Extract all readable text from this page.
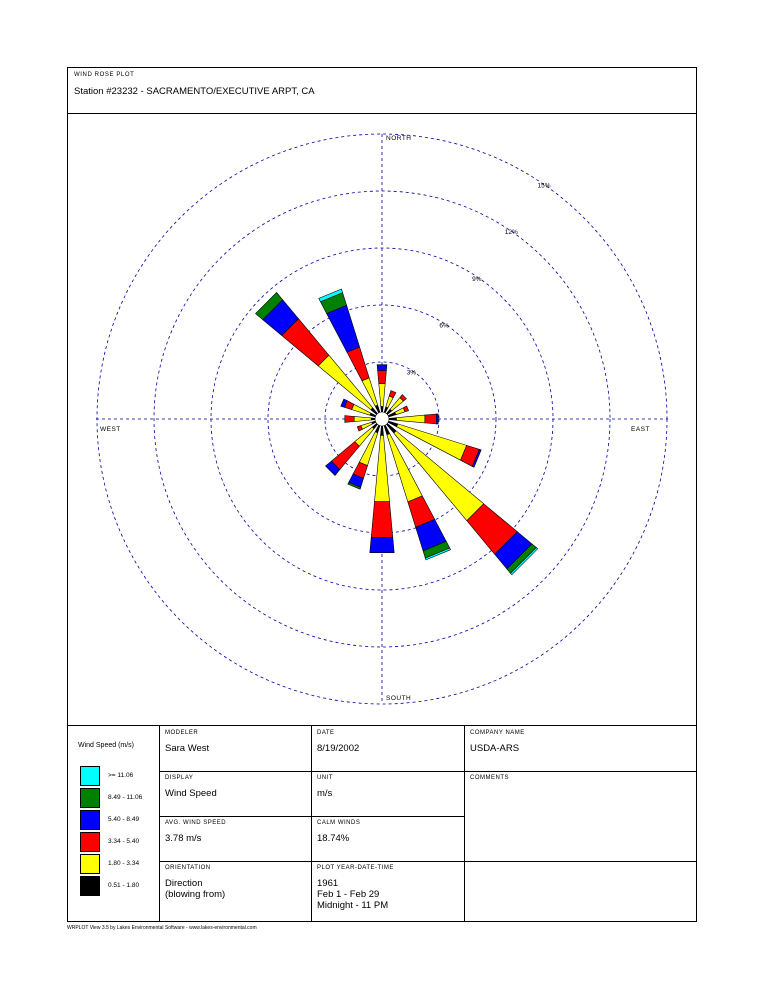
WIND ROSE PLOT
Station #23232 - SACRAMENTO/EXECUTIVE ARPT, CA
3%
6%
9%
12%
15%
NORTH
SOUTH
EAST
WEST
Wind Speed (m/s)
>= 11.06
8.49 - 11.06
5.40 - 8.49
3.34 - 5.40
1.80 - 3.34
0.51 - 1.80
MODELER
Sara West
DISPLAY
Wind Speed
AVG. WIND SPEED
3.78 m/s
ORIENTATION
Direction
(blowing from)
DATE
8/19/2002
UNIT
m/s
CALM WINDS
18.74%
PLOT YEAR-DATE-TIME
1961
Feb 1 - Feb 29
Midnight - 11 PM
COMPANY NAME
USDA-ARS
COMMENTS
WRPLOT View 3.5 by Lakes Environmental Software - www.lakes-environmental.com
